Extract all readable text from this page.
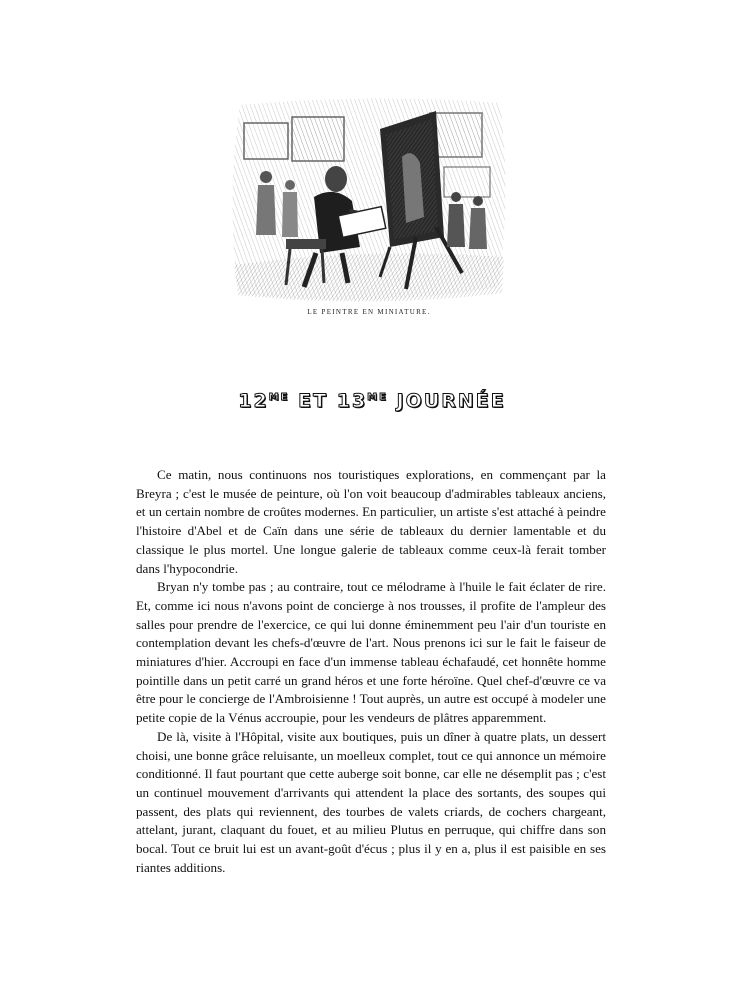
LE PEINTRE EN MINIATURE.
$12^{ME}$ ET $13^{ME}$ JOURNÉE

Ce matin, nous continuons nos touristiques explorations, en commençant par la Breyra ; c'est le musée de peinture, où l'on voit beaucoup d'admirables tableaux anciens, et un certain nombre de croûtes modernes. En particulier, un artiste s'est attaché à peindre l'histoire d'Abel et de Caïn dans une série de tableaux du dernier lamentable et du classique le plus mortel. Une longue galerie de tableaux comme ceux-là ferait tomber dans l'hypocondrie.

Bryan n'y tombe pas ; au contraire, tout ce mélodrame à l'huile le fait éclater de rire. Et, comme ici nous n'avons point de concierge à nos trousses, il profite de l'ampleur des salles pour prendre de l'exercice, ce qui lui donne éminemment peu l'air d'un touriste en contemplation devant les chefs-d'œuvre de l'art. Nous prenons ici sur le fait le faiseur de miniatures d'hier. Accroupi en face d'un immense tableau échafaudé, cet honnête homme pointille dans un petit carré un grand héros et une forte héroïne. Quel chef-d'œuvre ce va être pour le concierge de l'Ambroisienne ! Tout auprès, un autre est occupé à modeler une petite copie de la Vénus accroupie, pour les vendeurs de plâtres apparemment.

De là, visite à l'Hôpital, visite aux boutiques, puis un dîner à quatre plats, un dessert choisi, une bonne grâce reluisante, un moelleux complet, tout ce qui annonce un mémoire conditionné. Il faut pourtant que cette auberge soit bonne, car elle ne désemplit pas ; c'est un continuel mouvement d'arrivants qui attendent la place des sortants, des soupes qui passent, des plats qui reviennent, des tourbes de valets criards, de cochers chargeant, attelant, jurant, claquant du fouet, et au milieu Plutus en perruque, qui chiffre dans son bocal. Tout ce bruit lui est un avant-goût d'écus ; plus il y en a, plus il est paisible en ses riantes additions.
